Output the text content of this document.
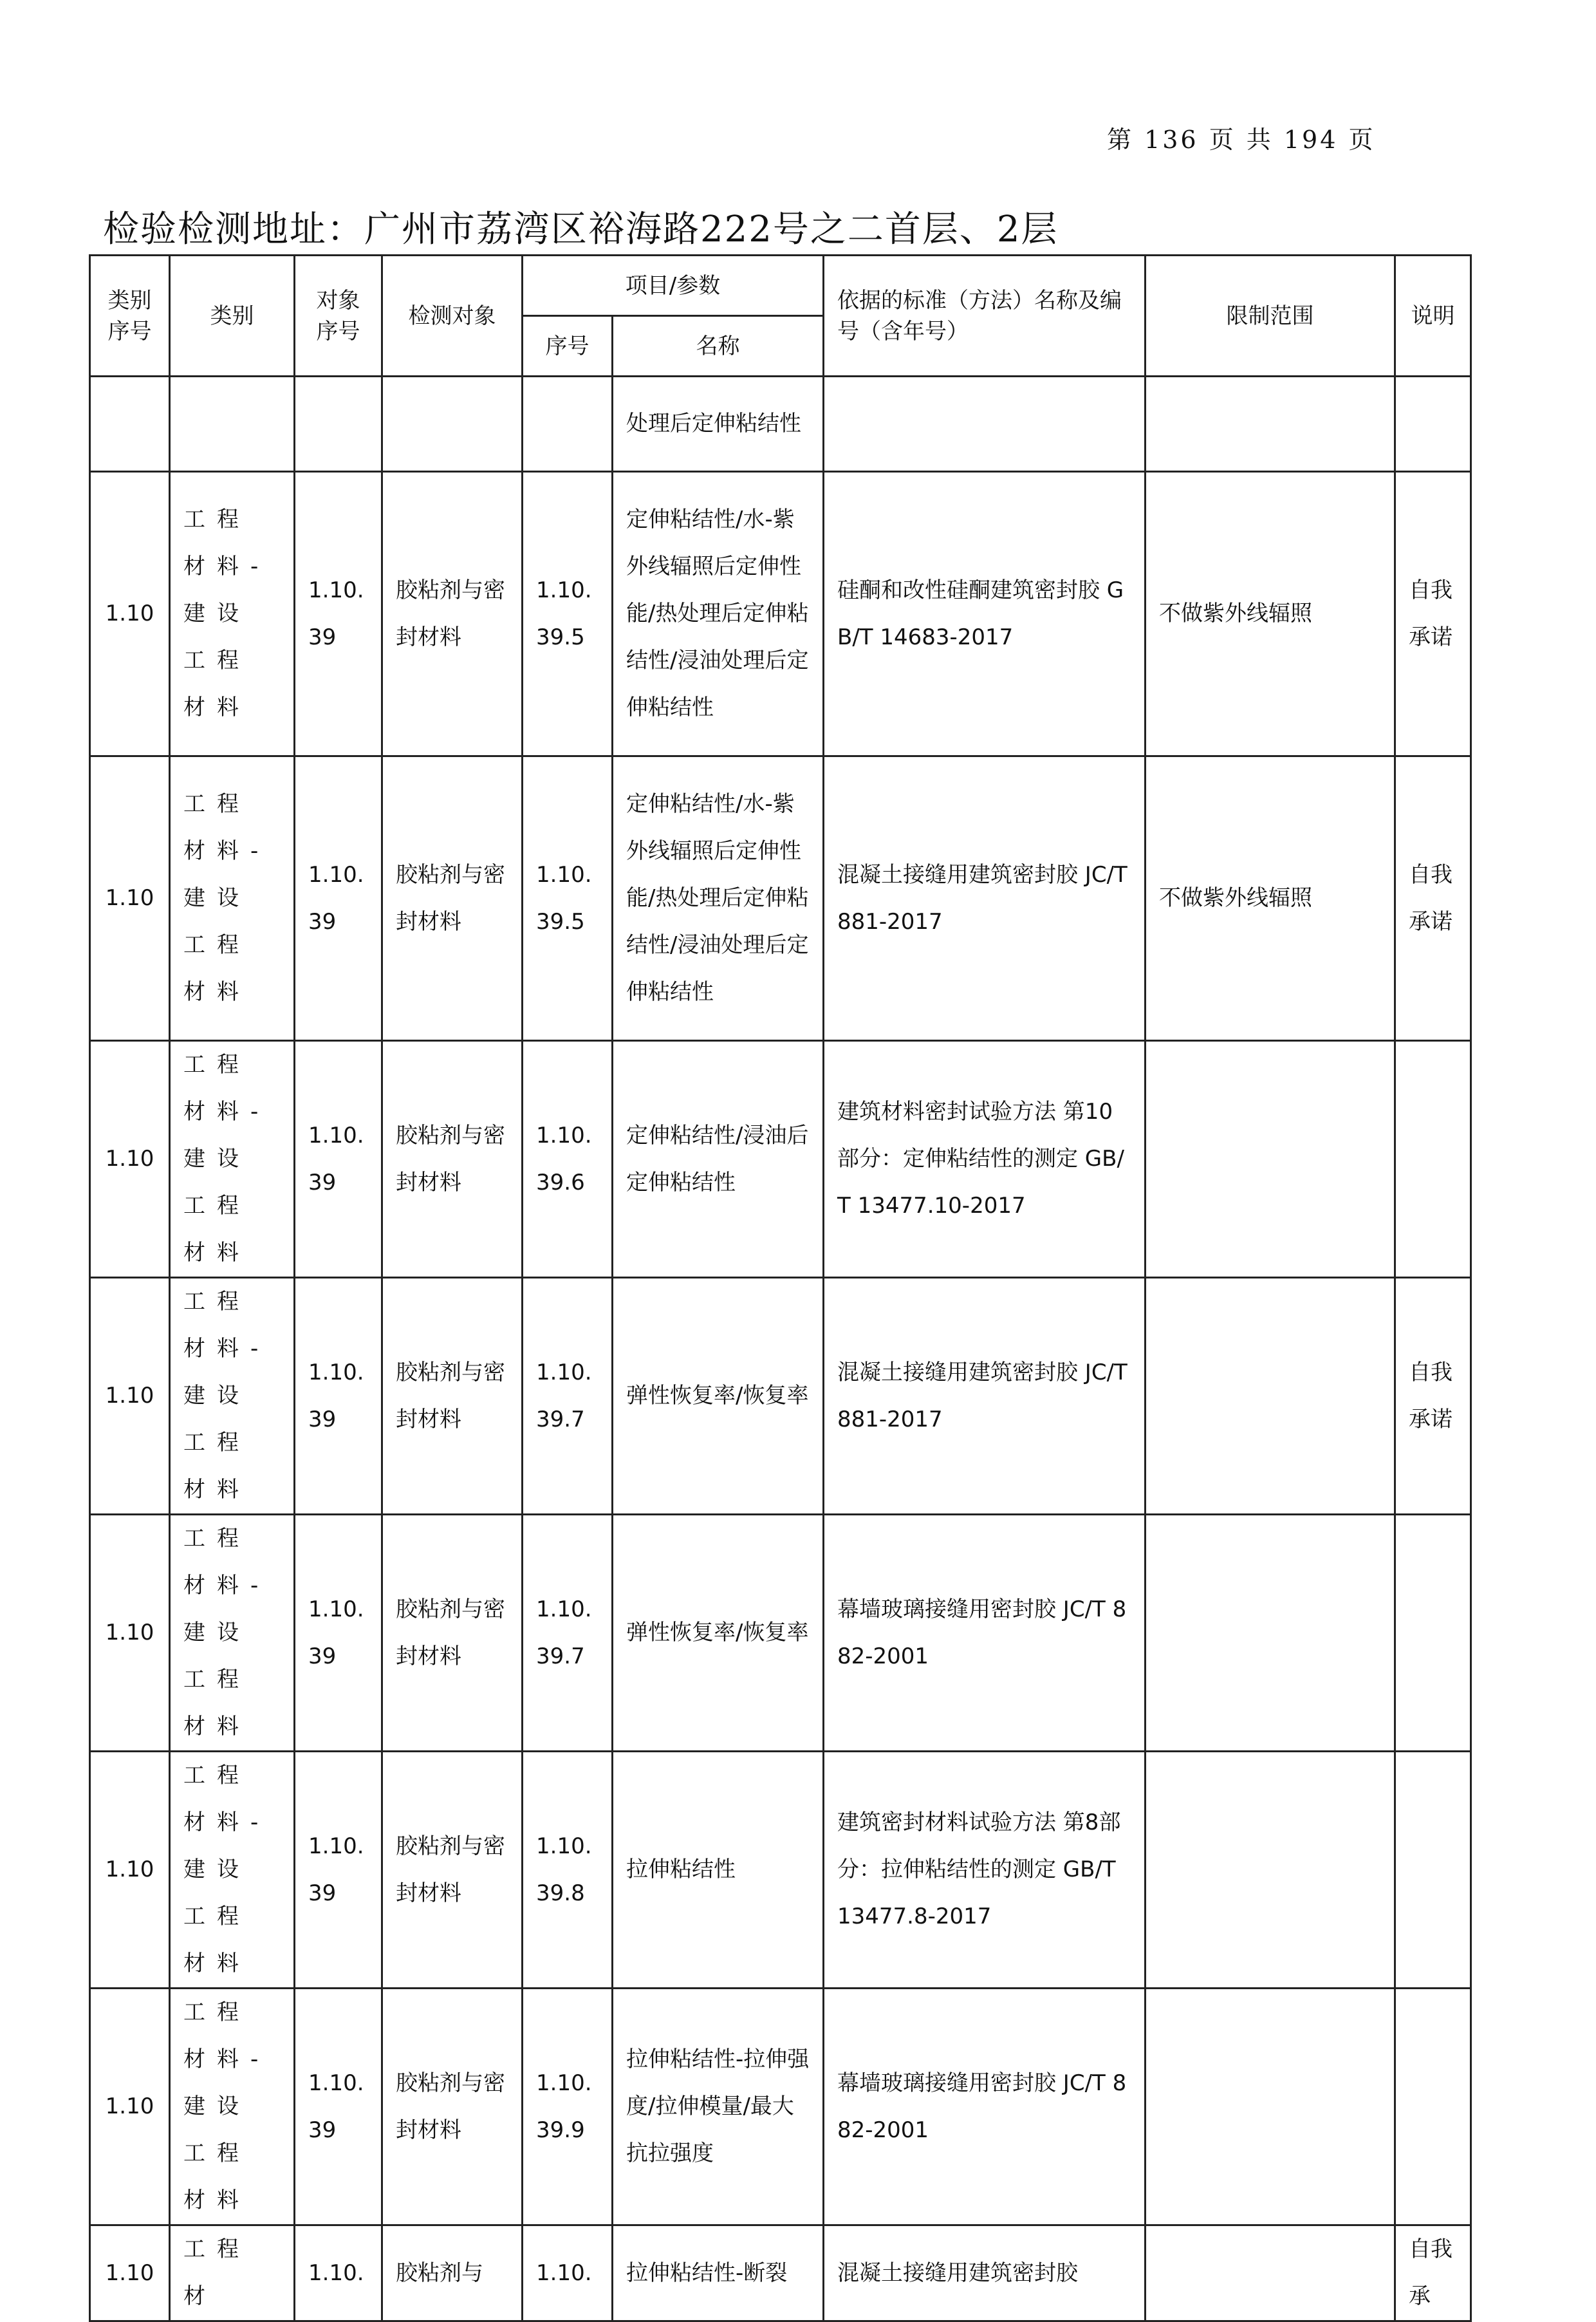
第 136 页 共 194 页
检验检测地址：广州市荔湾区裕海路222号之二首层、2层
类别序号	类别	对象序号	检测对象	项目/参数		依据的标准（方法）名称及编号（含年号）	限制范围	说明
				序号	名称			
					处理后定伸粘结性			
1.10	工程材料-建设工程材料	1.10.39	胶粘剂与密封材料	1.10.39.5	定伸粘结性/水-紫外线辐照后定伸性能/热处理后定伸粘结性/浸油处理后定伸粘结性	硅酮和改性硅酮建筑密封胶 GB/T 14683-2017	不做紫外线辐照	自我承诺
1.10	工程材料-建设工程材料	1.10.39	胶粘剂与密封材料	1.10.39.5	定伸粘结性/水-紫外线辐照后定伸性能/热处理后定伸粘结性/浸油处理后定伸粘结性	混凝土接缝用建筑密封胶 JC/T 881-2017	不做紫外线辐照	自我承诺
1.10	工程材料-建设工程材料	1.10.39	胶粘剂与密封材料	1.10.39.6	定伸粘结性/浸油后定伸粘结性	建筑材料密封试验方法 第10部分：定伸粘结性的测定 GB/T 13477.10-2017		
1.10	工程材料-建设工程材料	1.10.39	胶粘剂与密封材料	1.10.39.7	弹性恢复率/恢复率	混凝土接缝用建筑密封胶 JC/T 881-2017		自我承诺
1.10	工程材料-建设工程材料	1.10.39	胶粘剂与密封材料	1.10.39.7	弹性恢复率/恢复率	幕墙玻璃接缝用密封胶 JC/T 882-2001		
1.10	工程材料-建设工程材料	1.10.39	胶粘剂与密封材料	1.10.39.8	拉伸粘结性	建筑密封材料试验方法 第8部分：拉伸粘结性的测定 GB/T 13477.8-2017		
1.10	工程材料-建设工程材料	1.10.39	胶粘剂与密封材料	1.10.39.9	拉伸粘结性-拉伸强度/拉伸模量/最大抗拉强度	幕墙玻璃接缝用密封胶 JC/T 882-2001		
1.10	工程材	1.10.	胶粘剂与	1.10.	拉伸粘结性-断裂	混凝土接缝用建筑密封胶		自我承
